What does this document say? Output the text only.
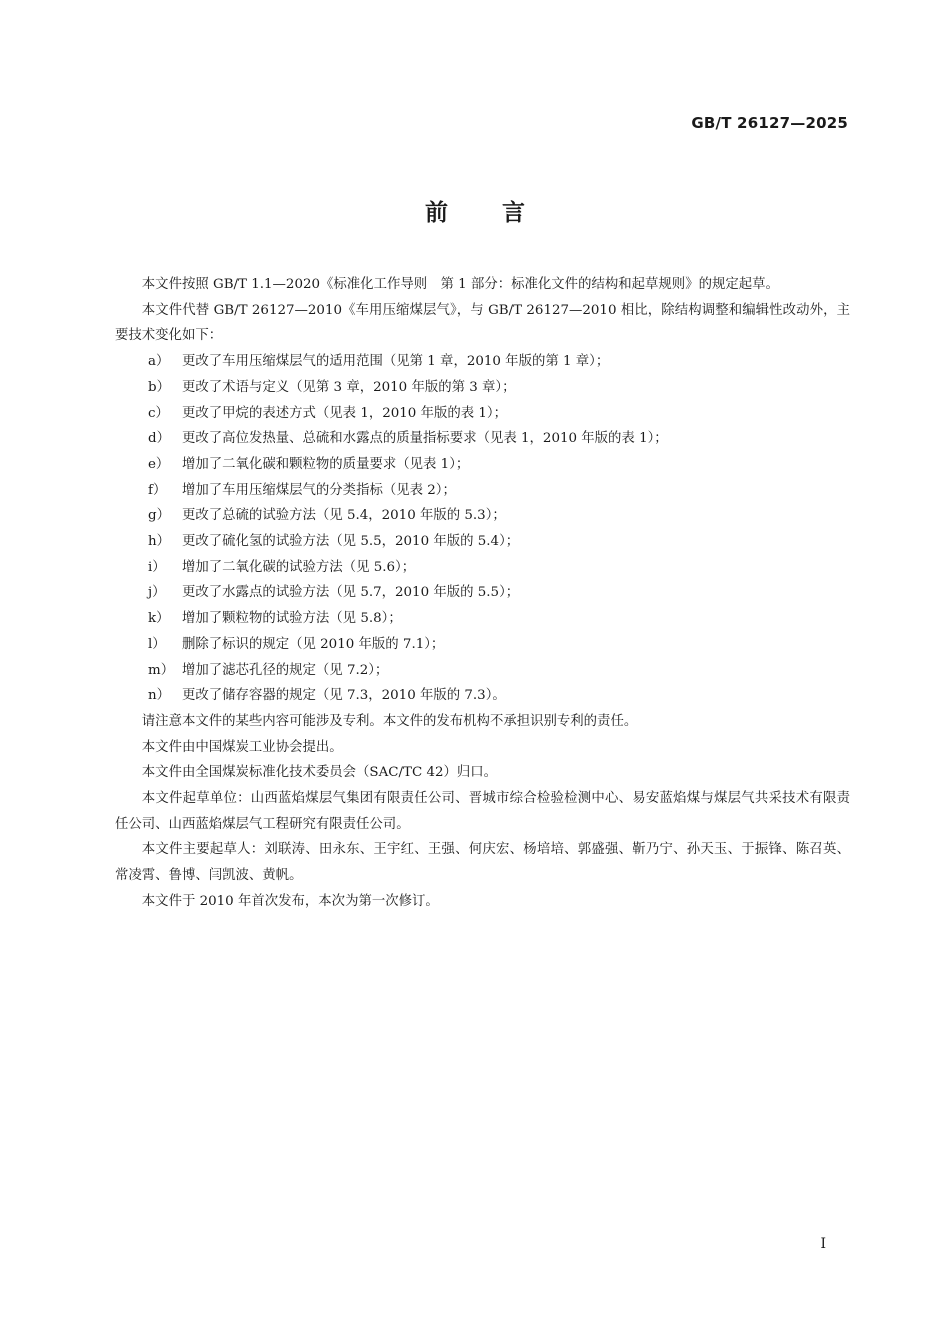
GB/T 26127—2025
前 言

本文件按照 GB/T 1.1—2020《标准化工作导则　第 1 部分：标准化文件的结构和起草规则》的规定起草。

本文件代替 GB/T 26127—2010《车用压缩煤层气》，与 GB/T 26127—2010 相比，除结构调整和编辑性改动外，主要技术变化如下：

a） 更改了车用压缩煤层气的适用范围（见第 1 章，2010 年版的第 1 章）；
b） 更改了术语与定义（见第 3 章，2010 年版的第 3 章）；
c） 更改了甲烷的表述方式（见表 1，2010 年版的表 1）；
d） 更改了高位发热量、总硫和水露点的质量指标要求（见表 1，2010 年版的表 1）；
e） 增加了二氧化碳和颗粒物的质量要求（见表 1）；
f） 增加了车用压缩煤层气的分类指标（见表 2）；
g） 更改了总硫的试验方法（见 5.4，2010 年版的 5.3）；
h） 更改了硫化氢的试验方法（见 5.5，2010 年版的 5.4）；
i） 增加了二氧化碳的试验方法（见 5.6）；
j） 更改了水露点的试验方法（见 5.7，2010 年版的 5.5）；
k） 增加了颗粒物的试验方法（见 5.8）；
l） 删除了标识的规定（见 2010 年版的 7.1）；
m） 增加了滤芯孔径的规定（见 7.2）；
n） 更改了储存容器的规定（见 7.3，2010 年版的 7.3）。

请注意本文件的某些内容可能涉及专利。本文件的发布机构不承担识别专利的责任。

本文件由中国煤炭工业协会提出。

本文件由全国煤炭标准化技术委员会（SAC/TC 42）归口。

本文件起草单位：山西蓝焰煤层气集团有限责任公司、晋城市综合检验检测中心、易安蓝焰煤与煤层气共采技术有限责任公司、山西蓝焰煤层气工程研究有限责任公司。

本文件主要起草人：刘联涛、田永东、王宇红、王强、何庆宏、杨培培、郭盛强、靳乃宁、孙天玉、于振锋、陈召英、常凌霄、鲁博、闫凯波、黄帆。

本文件于 2010 年首次发布，本次为第一次修订。

I
